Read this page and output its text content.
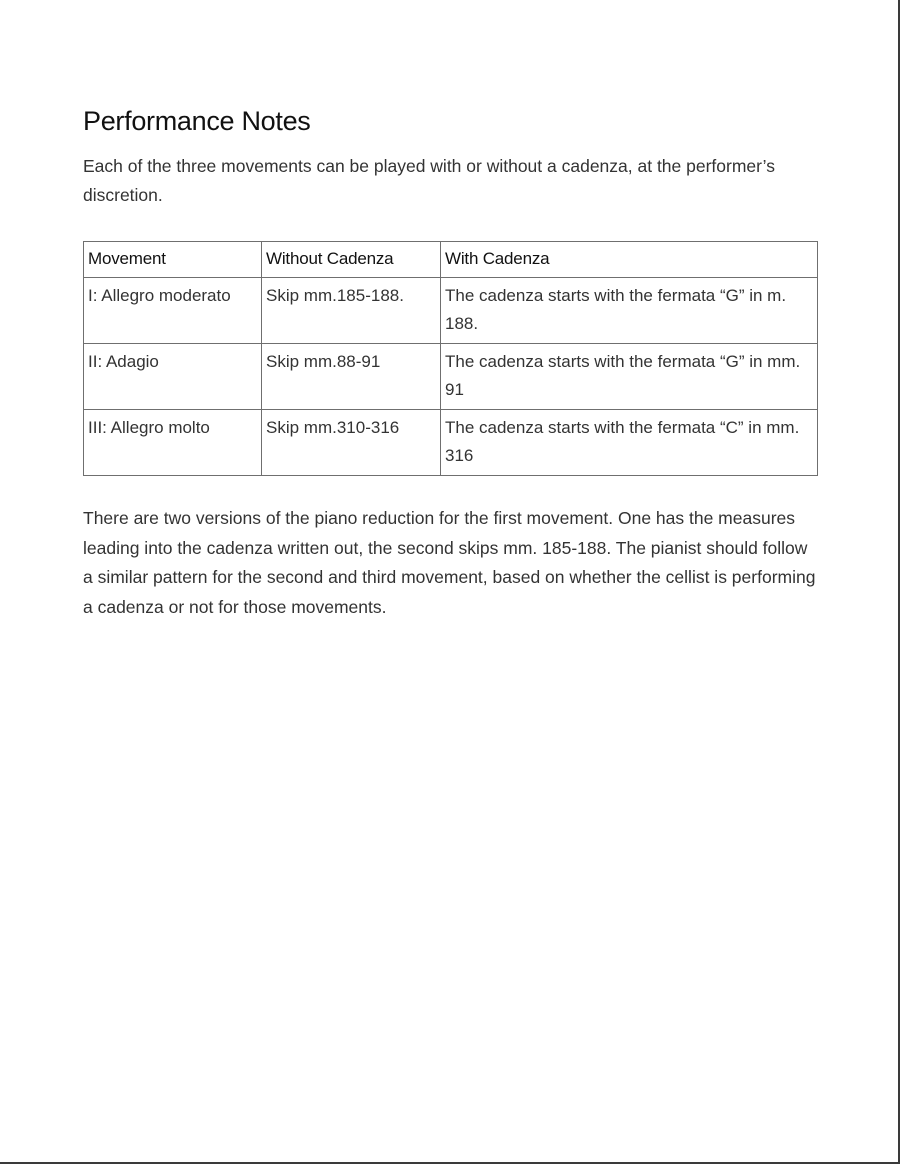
Performance Notes

Each of the three movements can be played with or without a cadenza, at the performer’s discretion.

Movement	Without Cadenza	With Cadenza
I: Allegro moderato	Skip mm.185-188.	The cadenza starts with the fermata “G” in m. 188.
II: Adagio	Skip mm.88-91	The cadenza starts with the fermata “G” in mm. 91
III: Allegro molto	Skip mm.310-316	The cadenza starts with the fermata “C” in mm. 316

There are two versions of the piano reduction for the first movement. One has the measures leading into the cadenza written out, the second skips mm. 185-188. The pianist should follow a similar pattern for the second and third movement, based on whether the cellist is performing a cadenza or not for those movements.
